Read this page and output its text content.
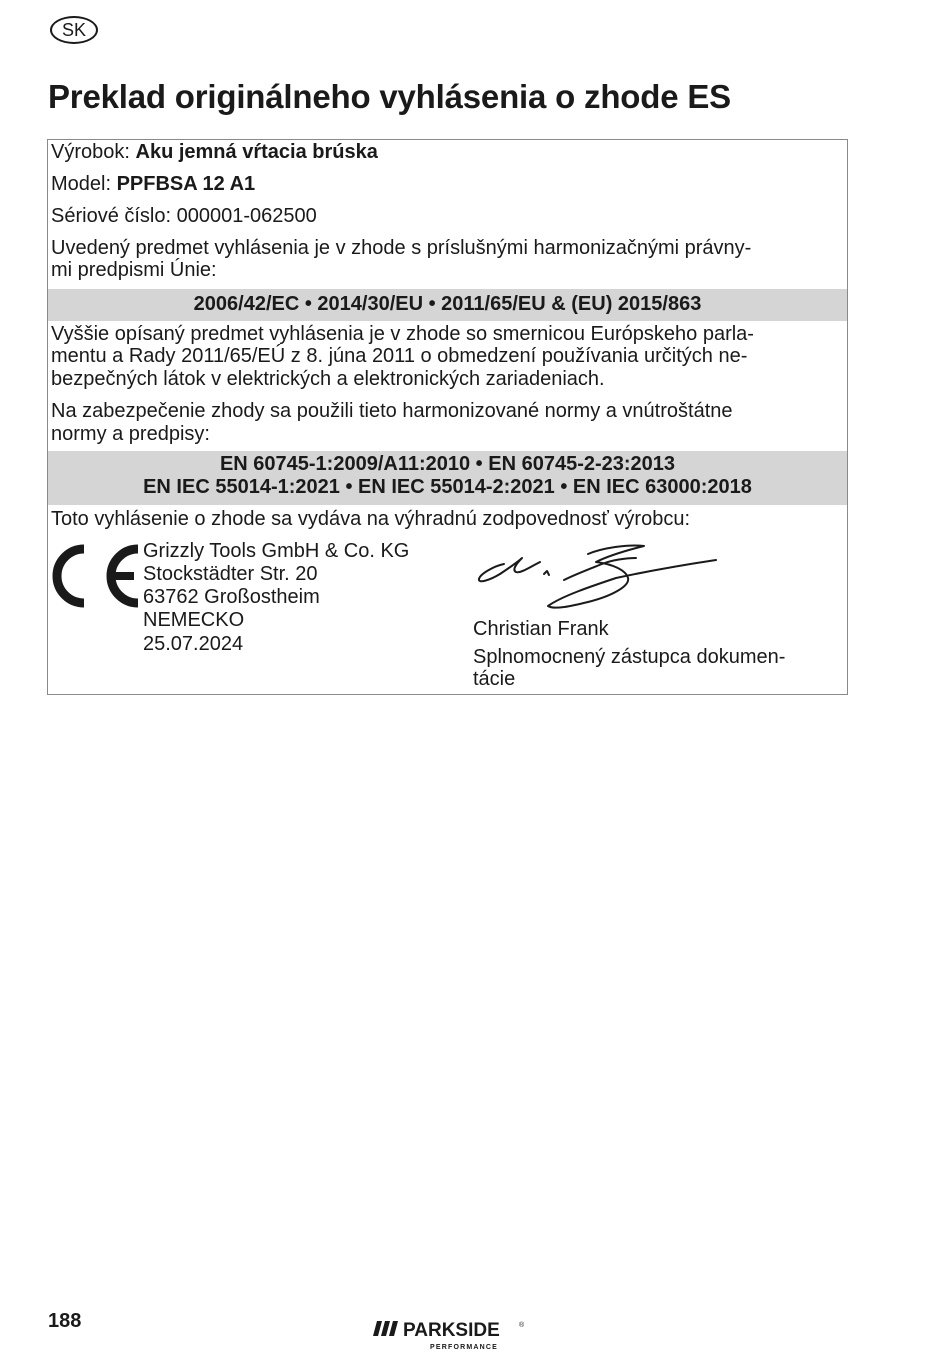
SK
Preklad originálneho vyhlásenia o zhode ES
Výrobok: Aku jemná vŕtacia brúska
Model: PPFBSA 12 A1
Sériové číslo: 000001-062500
Uvedený predmet vyhlásenia je v zhode s príslušnými harmonizačnými právny-
mi predpismi Únie:
2006/42/EC • 2014/30/EU • 2011/65/EU & (EU) 2015/863
Vyššie opísaný predmet vyhlásenia je v zhode so smernicou Európskeho parla-
mentu a Rady 2011/65/EÚ z 8. júna 2011 o obmedzení používania určitých ne-
bezpečných látok v elektrických a elektronických zariadeniach.
Na zabezpečenie zhody sa použili tieto harmonizované normy a vnútroštátne
normy a predpisy:
EN 60745-1:2009/A11:2010 • EN 60745-2-23:2013
EN IEC 55014-1:2021 • EN IEC 55014-2:2021 • EN IEC 63000:2018
Toto vyhlásenie o zhode sa vydáva na výhradnú zodpovednosť výrobcu:
Grizzly Tools GmbH & Co. KG
Stockstädter Str. 20
63762 Großostheim
NEMECKO
25.07.2024
Christian Frank
Splnomocnený zástupca dokumen-
tácie
188	PARKSIDE	®
PERFORMANCE
